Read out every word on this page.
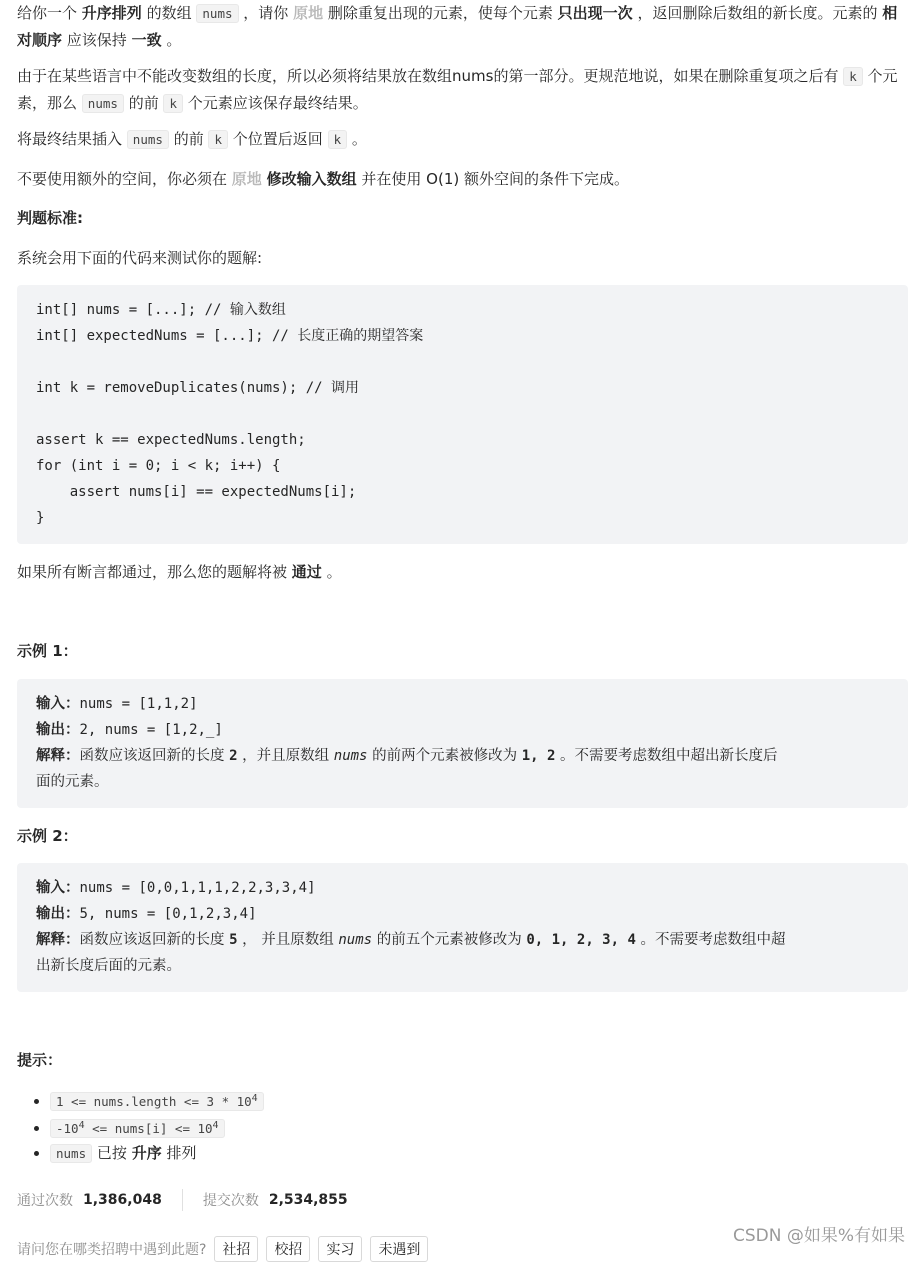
给你一个 升序排列 的数组 nums ，请你 原地 删除重复出现的元素，使每个元素 只出现一次 ，返回删除后数组的新长度。元素的 相对顺序 应该保持 一致 。

由于在某些语言中不能改变数组的长度，所以必须将结果放在数组nums的第一部分。更规范地说，如果在删除重复项之后有 k 个元素，那么 nums 的前 k 个元素应该保存最终结果。

将最终结果插入 nums 的前 k 个位置后返回 k 。

不要使用额外的空间，你必须在 原地 修改输入数组 并在使用 O(1) 额外空间的条件下完成。

判题标准:

系统会用下面的代码来测试你的题解:

int[] nums = [...]; // 输入数组
int[] expectedNums = [...]; // 长度正确的期望答案
int k = removeDuplicates(nums); // 调用
assert k == expectedNums.length;
for (int i = 0; i < k; i++) {
assert nums[i] == expectedNums[i];
}

如果所有断言都通过，那么您的题解将被 通过 。

示例 1：
输入：nums = [1,1,2]
输出：2, nums = [1,2,_]
解释：函数应该返回新的长度 2 ，并且原数组 nums 的前两个元素被修改为 1, 2 。不需要考虑数组中超出新长度后
面的元素。
示例 2：
输入：nums = [0,0,1,1,1,2,2,3,3,4]
输出：5, nums = [0,1,2,3,4]
解释：函数应该返回新的长度 5 ， 并且原数组 nums 的前五个元素被修改为 0, 1, 2, 3, 4 。不需要考虑数组中超
出新长度后面的元素。
提示：
• 1 <= nums.length <= $3 * 10^4$
• $-10^4$ <= nums[i] <= $10^4$
• nums 已按 升序 排列
通过次数 1,386,048	提交次数 2,534,855
请问您在哪类招聘中遇到此题?	社招	校招	实习	未遇到
CSDN @如果%有如果
